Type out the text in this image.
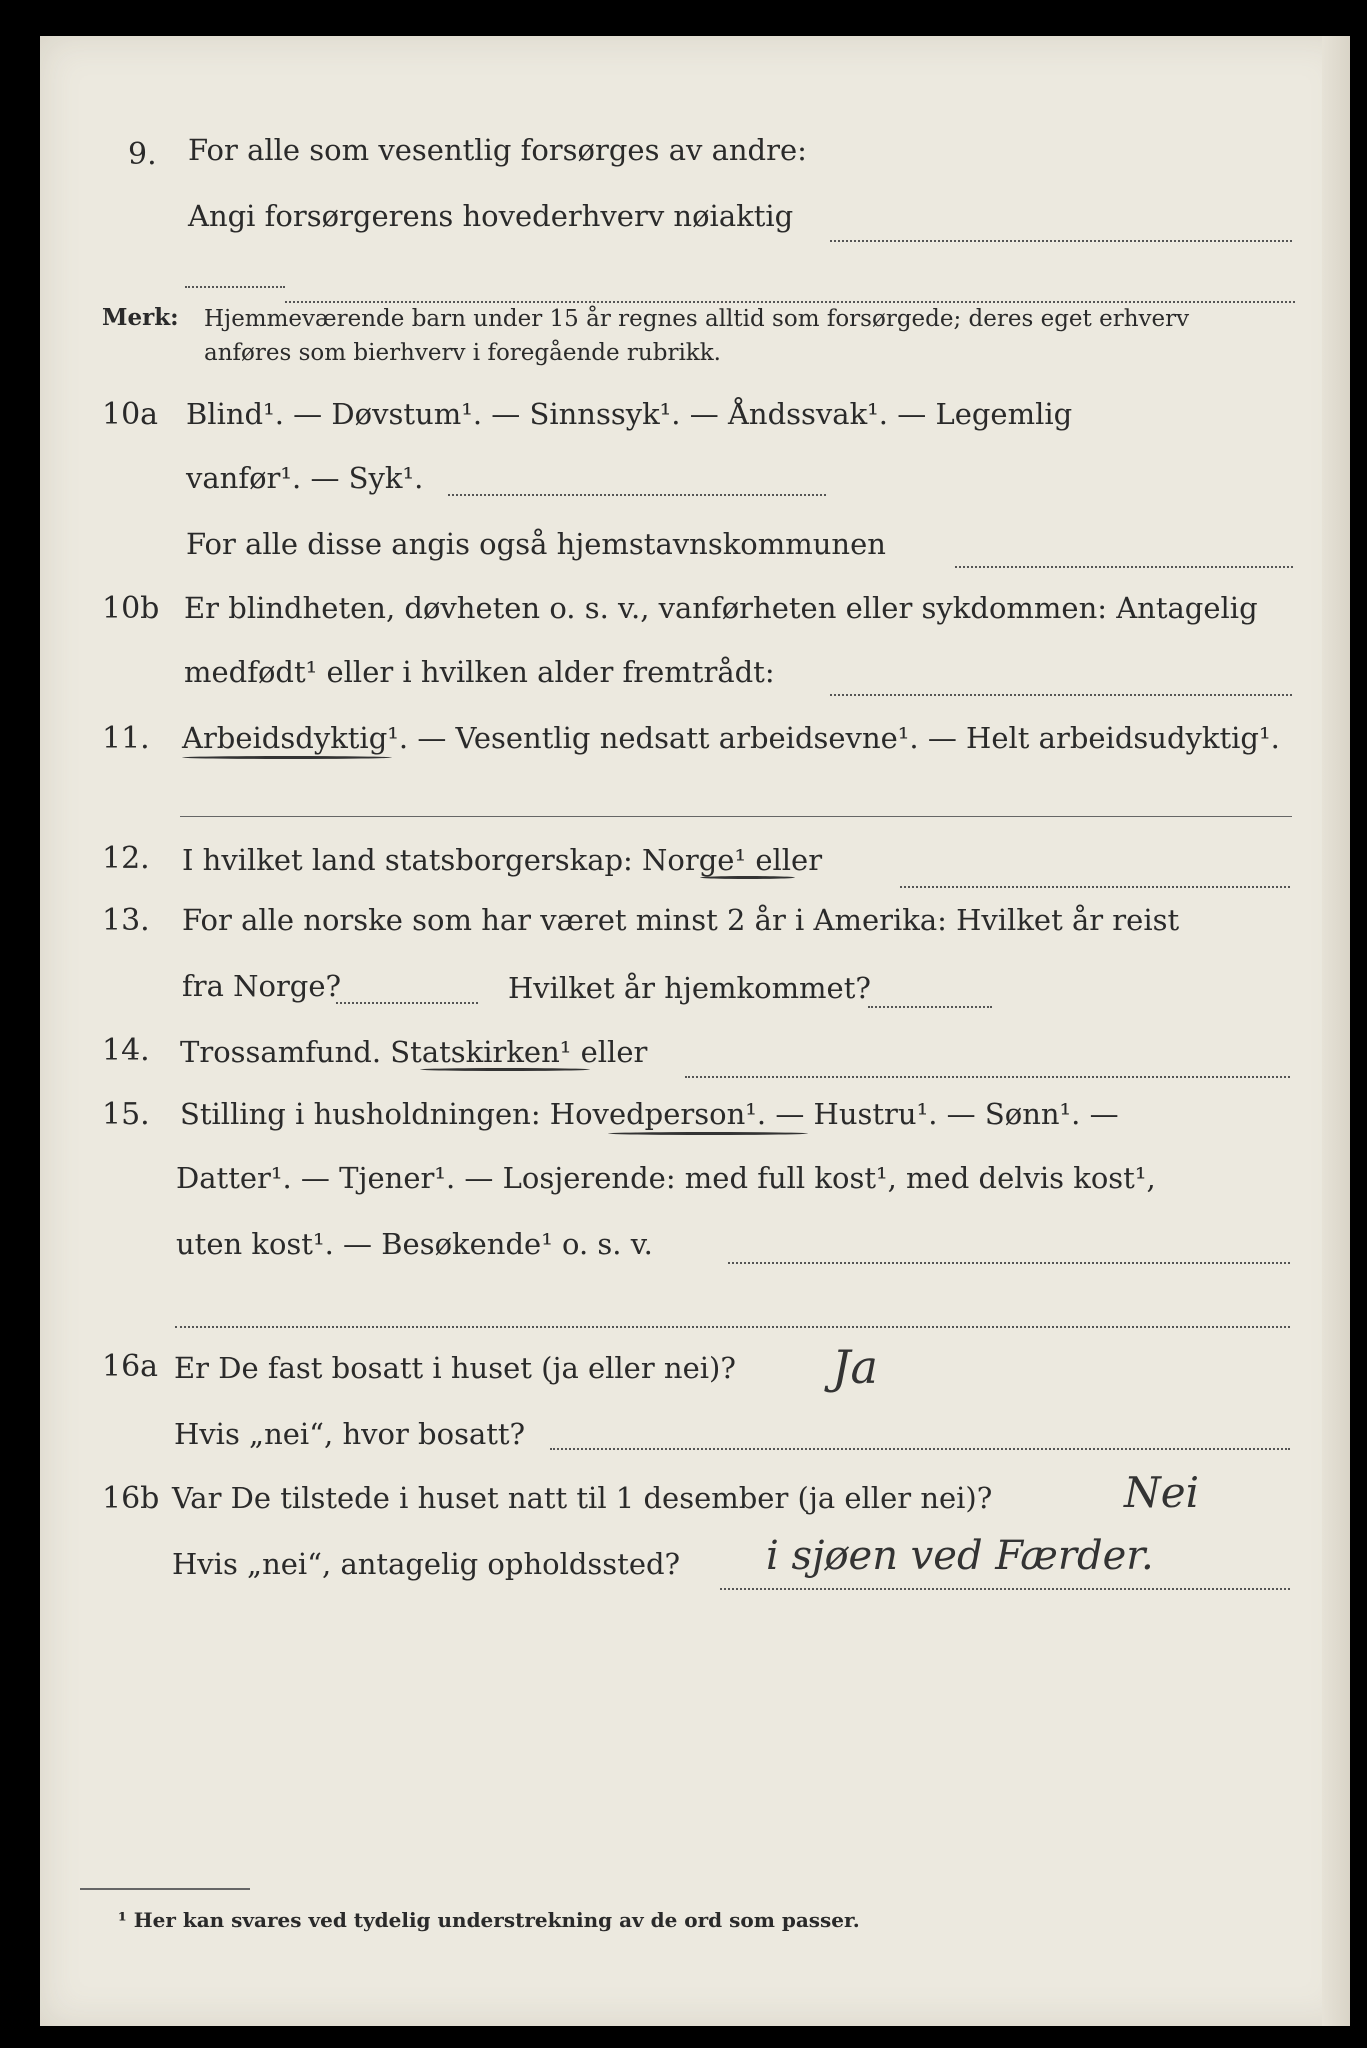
9. For alle som vesentlig forsørges av andre:
Angi forsørgerens hovederhverv nøiaktig
Merk: Hjemmeværende barn under 15 år regnes alltid som forsørgede; deres eget erhverv
anføres som bierhverv i foregående rubrikk.
10a Blind¹. — Døvstum¹. — Sinnssyk¹. — Åndssvak¹. — Legemlig
vanfør¹. — Syk¹.
For alle disse angis også hjemstavnskommunen
10b Er blindheten, døvheten o. s. v., vanførheten eller sykdommen: Antagelig
medfødt¹ eller i hvilken alder fremtrådt:
11. Arbeidsdyktig¹. — Vesentlig nedsatt arbeidsevne¹. — Helt arbeidsudyktig¹.
12. I hvilket land statsborgerskap: Norge¹ eller
13. For alle norske som har været minst 2 år i Amerika: Hvilket år reist
fra Norge?	Hvilket år hjemkommet?
14. Trossamfund. Statskirken¹ eller
15. Stilling i husholdningen: Hovedperson¹. — Hustru¹. — Sønn¹. —
Datter¹. — Tjener¹. — Losjerende: med full kost¹, med delvis kost¹,
uten kost¹. — Besøkende¹ o. s. v.
16a Er De fast bosatt i huset (ja eller nei)? Ja
Hvis „nei“, hvor bosatt?
16b Var De tilstede i huset natt til 1 desember (ja eller nei)?	Nei
Hvis „nei“, antagelig opholdssted? i sjøen ved Færder.
¹ Her kan svares ved tydelig understrekning av de ord som passer.
